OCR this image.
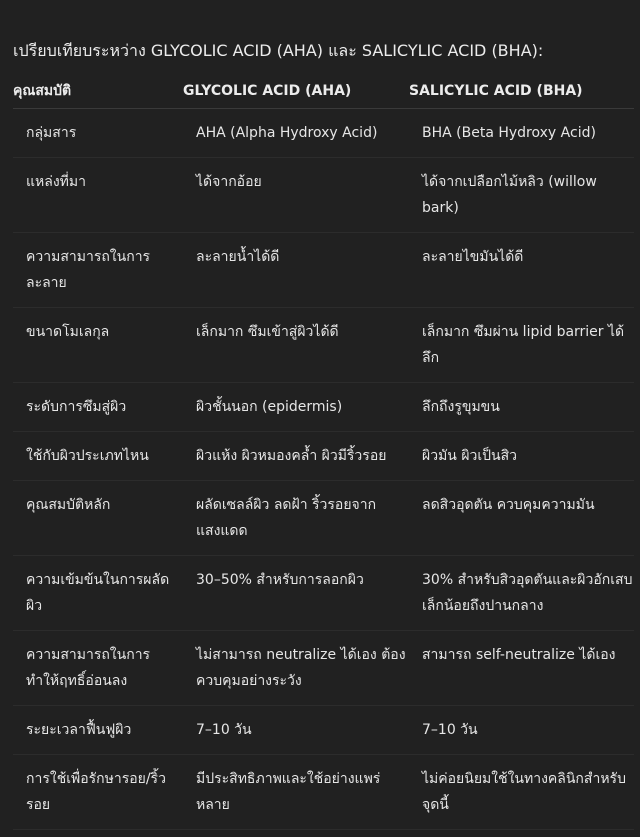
เปรียบเทียบระหว่าง GLYCOLIC ACID (AHA) และ SALICYLIC ACID (BHA):
คุณสมบัติ	GLYCOLIC ACID (AHA)	SALICYLIC ACID (BHA)
กลุ่มสาร	AHA (Alpha Hydroxy Acid)	BHA (Beta Hydroxy Acid)
แหล่งที่มา	ได้จากอ้อย	ได้จากเปลือกไม้หลิว (willow bark)
ความสามารถในการละลาย	ละลายน้ำได้ดี	ละลายไขมันได้ดี
ขนาดโมเลกุล	เล็กมาก ซึมเข้าสู่ผิวได้ดี	เล็กมาก ซึมผ่าน lipid barrier ได้ลึก
ระดับการซึมสู่ผิว	ผิวชั้นนอก (epidermis)	ลึกถึงรูขุมขน
ใช้กับผิวประเภทไหน	ผิวแห้ง ผิวหมองคล้ำ ผิวมีริ้วรอย	ผิวมัน ผิวเป็นสิว
คุณสมบัติหลัก	ผลัดเซลล์ผิว ลดฝ้า ริ้วรอยจากแสงแดด	ลดสิวอุดตัน ควบคุมความมัน
ความเข้มข้นในการผลัดผิว	30–50% สำหรับการลอกผิว	30% สำหรับสิวอุดตันและผิวอักเสบเล็กน้อยถึงปานกลาง
ความสามารถในการทำให้ฤทธิ์อ่อนลง	ไม่สามารถ neutralize ได้เอง ต้องควบคุมอย่างระวัง	สามารถ self-neutralize ได้เอง
ระยะเวลาฟื้นฟูผิว	7–10 วัน	7–10 วัน
การใช้เพื่อรักษารอย/ริ้วรอย	มีประสิทธิภาพและใช้อย่างแพร่หลาย	ไม่ค่อยนิยมใช้ในทางคลินิกสำหรับจุดนี้
